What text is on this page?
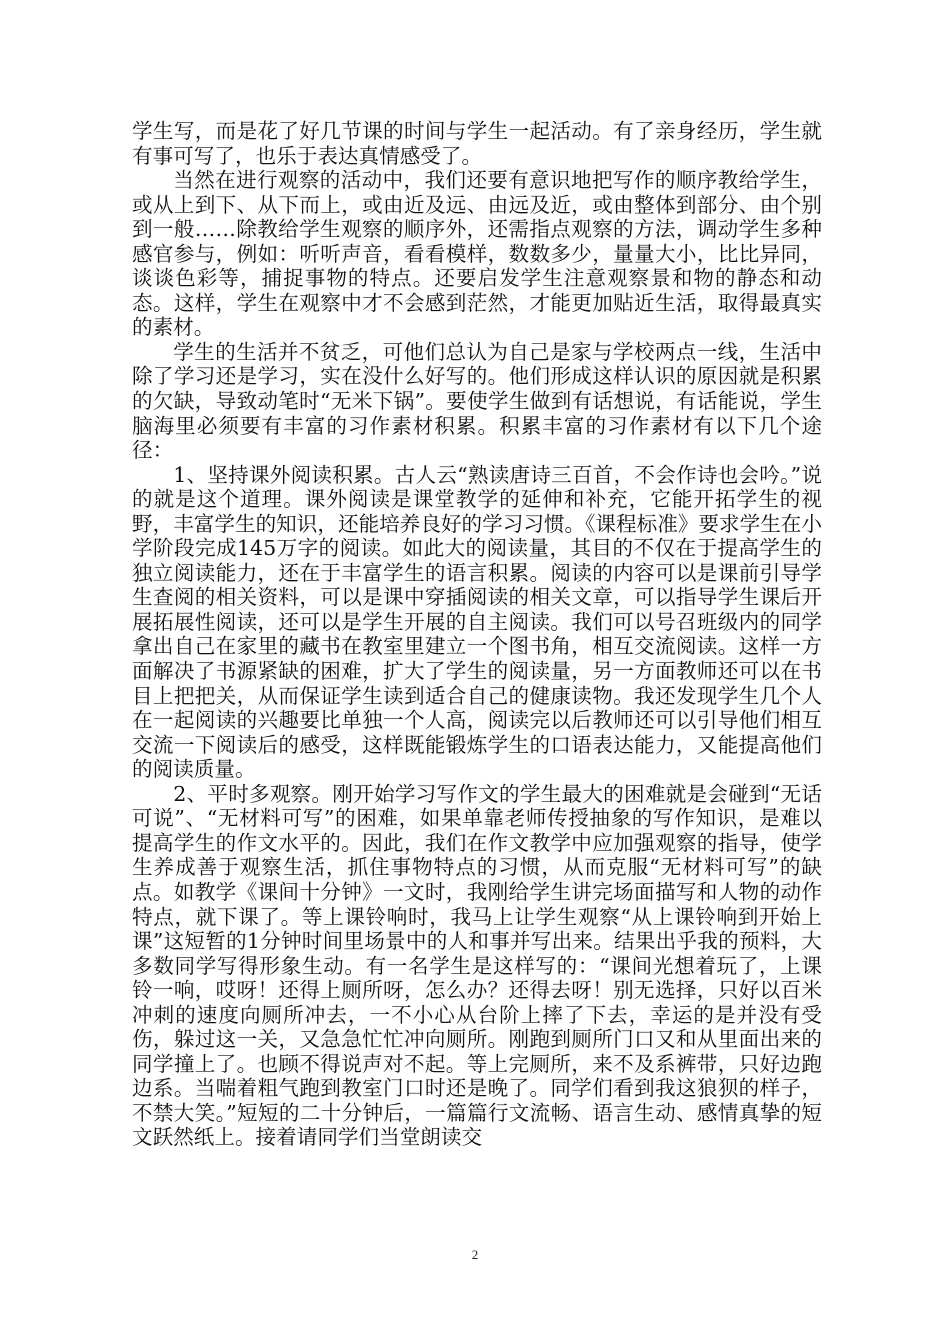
学生写，而是花了好几节课的时间与学生一起活动。有了亲身经历，学生就有事可写了，也乐于表达真情感受了。

当然在进行观察的活动中，我们还要有意识地把写作的顺序教给学生，或从上到下、从下而上，或由近及远、由远及近，或由整体到部分、由个别到一般……除教给学生观察的顺序外，还需指点观察的方法，调动学生多种感官参与，例如：听听声音，看看模样，数数多少，量量大小，比比异同，谈谈色彩等，捕捉事物的特点。还要启发学生注意观察景和物的静态和动态。这样，学生在观察中才不会感到茫然，才能更加贴近生活，取得最真实的素材。

学生的生活并不贫乏，可他们总认为自己是家与学校两点一线，生活中除了学习还是学习，实在没什么好写的。他们形成这样认识的原因就是积累的欠缺，导致动笔时“无米下锅”。要使学生做到有话想说，有话能说，学生脑海里必须要有丰富的习作素材积累。积累丰富的习作素材有以下几个途径：

1、坚持课外阅读积累。古人云“熟读唐诗三百首，不会作诗也会吟。”说的就是这个道理。课外阅读是课堂教学的延伸和补充，它能开拓学生的视野，丰富学生的知识，还能培养良好的学习习惯。《课程标准》要求学生在小学阶段完成145万字的阅读。如此大的阅读量，其目的不仅在于提高学生的独立阅读能力，还在于丰富学生的语言积累。阅读的内容可以是课前引导学生查阅的相关资料，可以是课中穿插阅读的相关文章，可以指导学生课后开展拓展性阅读，还可以是学生开展的自主阅读。我们可以号召班级内的同学拿出自己在家里的藏书在教室里建立一个图书角，相互交流阅读。这样一方面解决了书源紧缺的困难，扩大了学生的阅读量，另一方面教师还可以在书目上把把关，从而保证学生读到适合自己的健康读物。我还发现学生几个人在一起阅读的兴趣要比单独一个人高，阅读完以后教师还可以引导他们相互交流一下阅读后的感受，这样既能锻炼学生的口语表达能力，又能提高他们的阅读质量。

2、平时多观察。刚开始学习写作文的学生最大的困难就是会碰到“无话可说”、“无材料可写”的困难，如果单靠老师传授抽象的写作知识，是难以提高学生的作文水平的。因此，我们在作文教学中应加强观察的指导，使学生养成善于观察生活，抓住事物特点的习惯，从而克服“无材料可写”的缺点。如教学《课间十分钟》一文时，我刚给学生讲完场面描写和人物的动作特点，就下课了。等上课铃响时，我马上让学生观察“从上课铃响到开始上课”这短暂的1分钟时间里场景中的人和事并写出来。结果出乎我的预料，大多数同学写得形象生动。有一名学生是这样写的：“课间光想着玩了，上课铃一响，哎呀！还得上厕所呀，怎么办？还得去呀！别无选择，只好以百米冲刺的速度向厕所冲去，一不小心从台阶上摔了下去，幸运的是并没有受伤，躲过这一关，又急急忙忙冲向厕所。刚跑到厕所门口又和从里面出来的同学撞上了。也顾不得说声对不起。等上完厕所，来不及系裤带，只好边跑边系。当喘着粗气跑到教室门口时还是晚了。同学们看到我这狼狈的样子，不禁大笑。”短短的二十分钟后，一篇篇行文流畅、语言生动、感情真挚的短文跃然纸上。接着请同学们当堂朗读交

2
